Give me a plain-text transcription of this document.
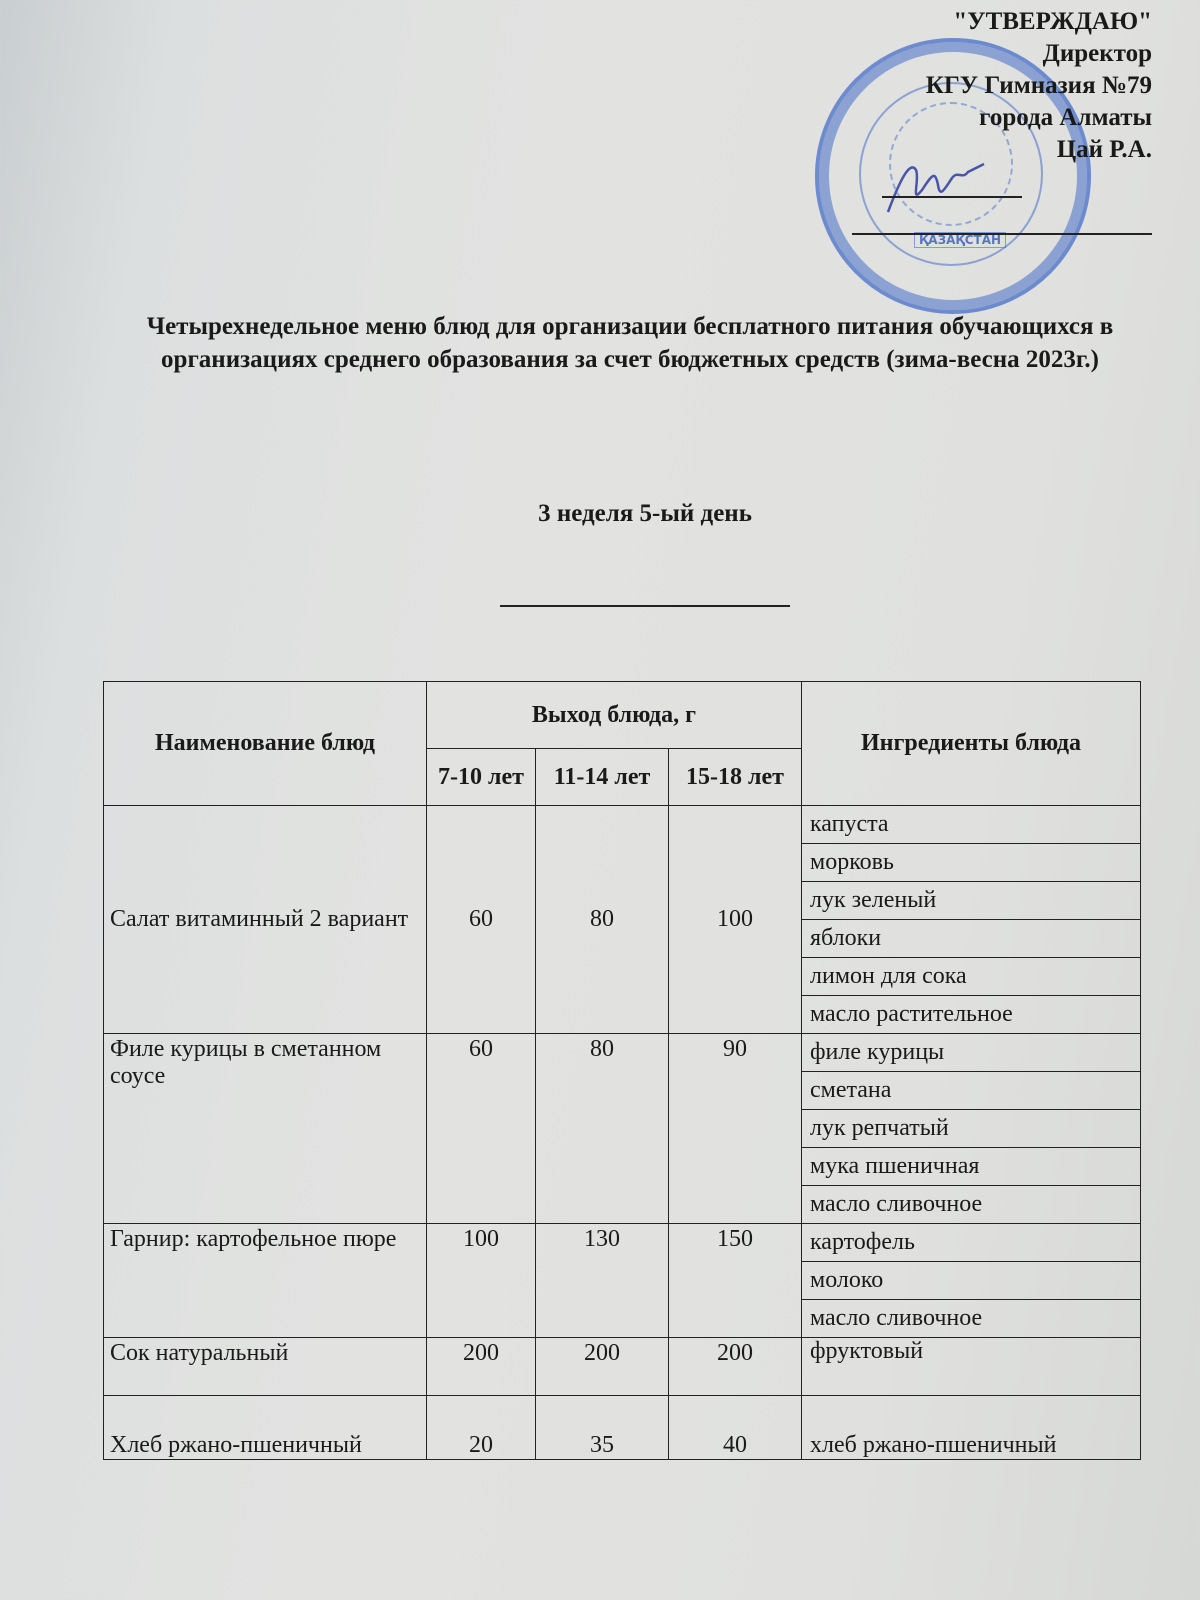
ҚАЗАҚСТАН
"УТВЕРЖДАЮ"
Директор
КГУ Гимназия №79
города Алматы
Цай Р.А.
Четырехнедельное меню блюд для организации бесплатного питания обучающихся в организациях среднего образования за счет бюджетных средств (зима-весна 2023г.)
3 неделя 5-ый день
Наименование блюд	Выход блюда, г			Ингредиенты блюда
	7-10 лет	11-14 лет	15-18 лет	
Салат витаминный 2 вариант	60	80	100	капуста
				морковь
				лук зеленый
				яблоки
				лимон для сока
				масло растительное
Филе курицы в сметанном соусе	60	80	90	филе курицы
				сметана
				лук репчатый
				мука пшеничная
				масло сливочное
Гарнир: картофельное пюре	100	130	150	картофель
				молоко
				масло сливочное
Сок натуральный	200	200	200	фруктовый
Хлеб ржано-пшеничный	20	35	40	хлеб ржано-пшеничный
